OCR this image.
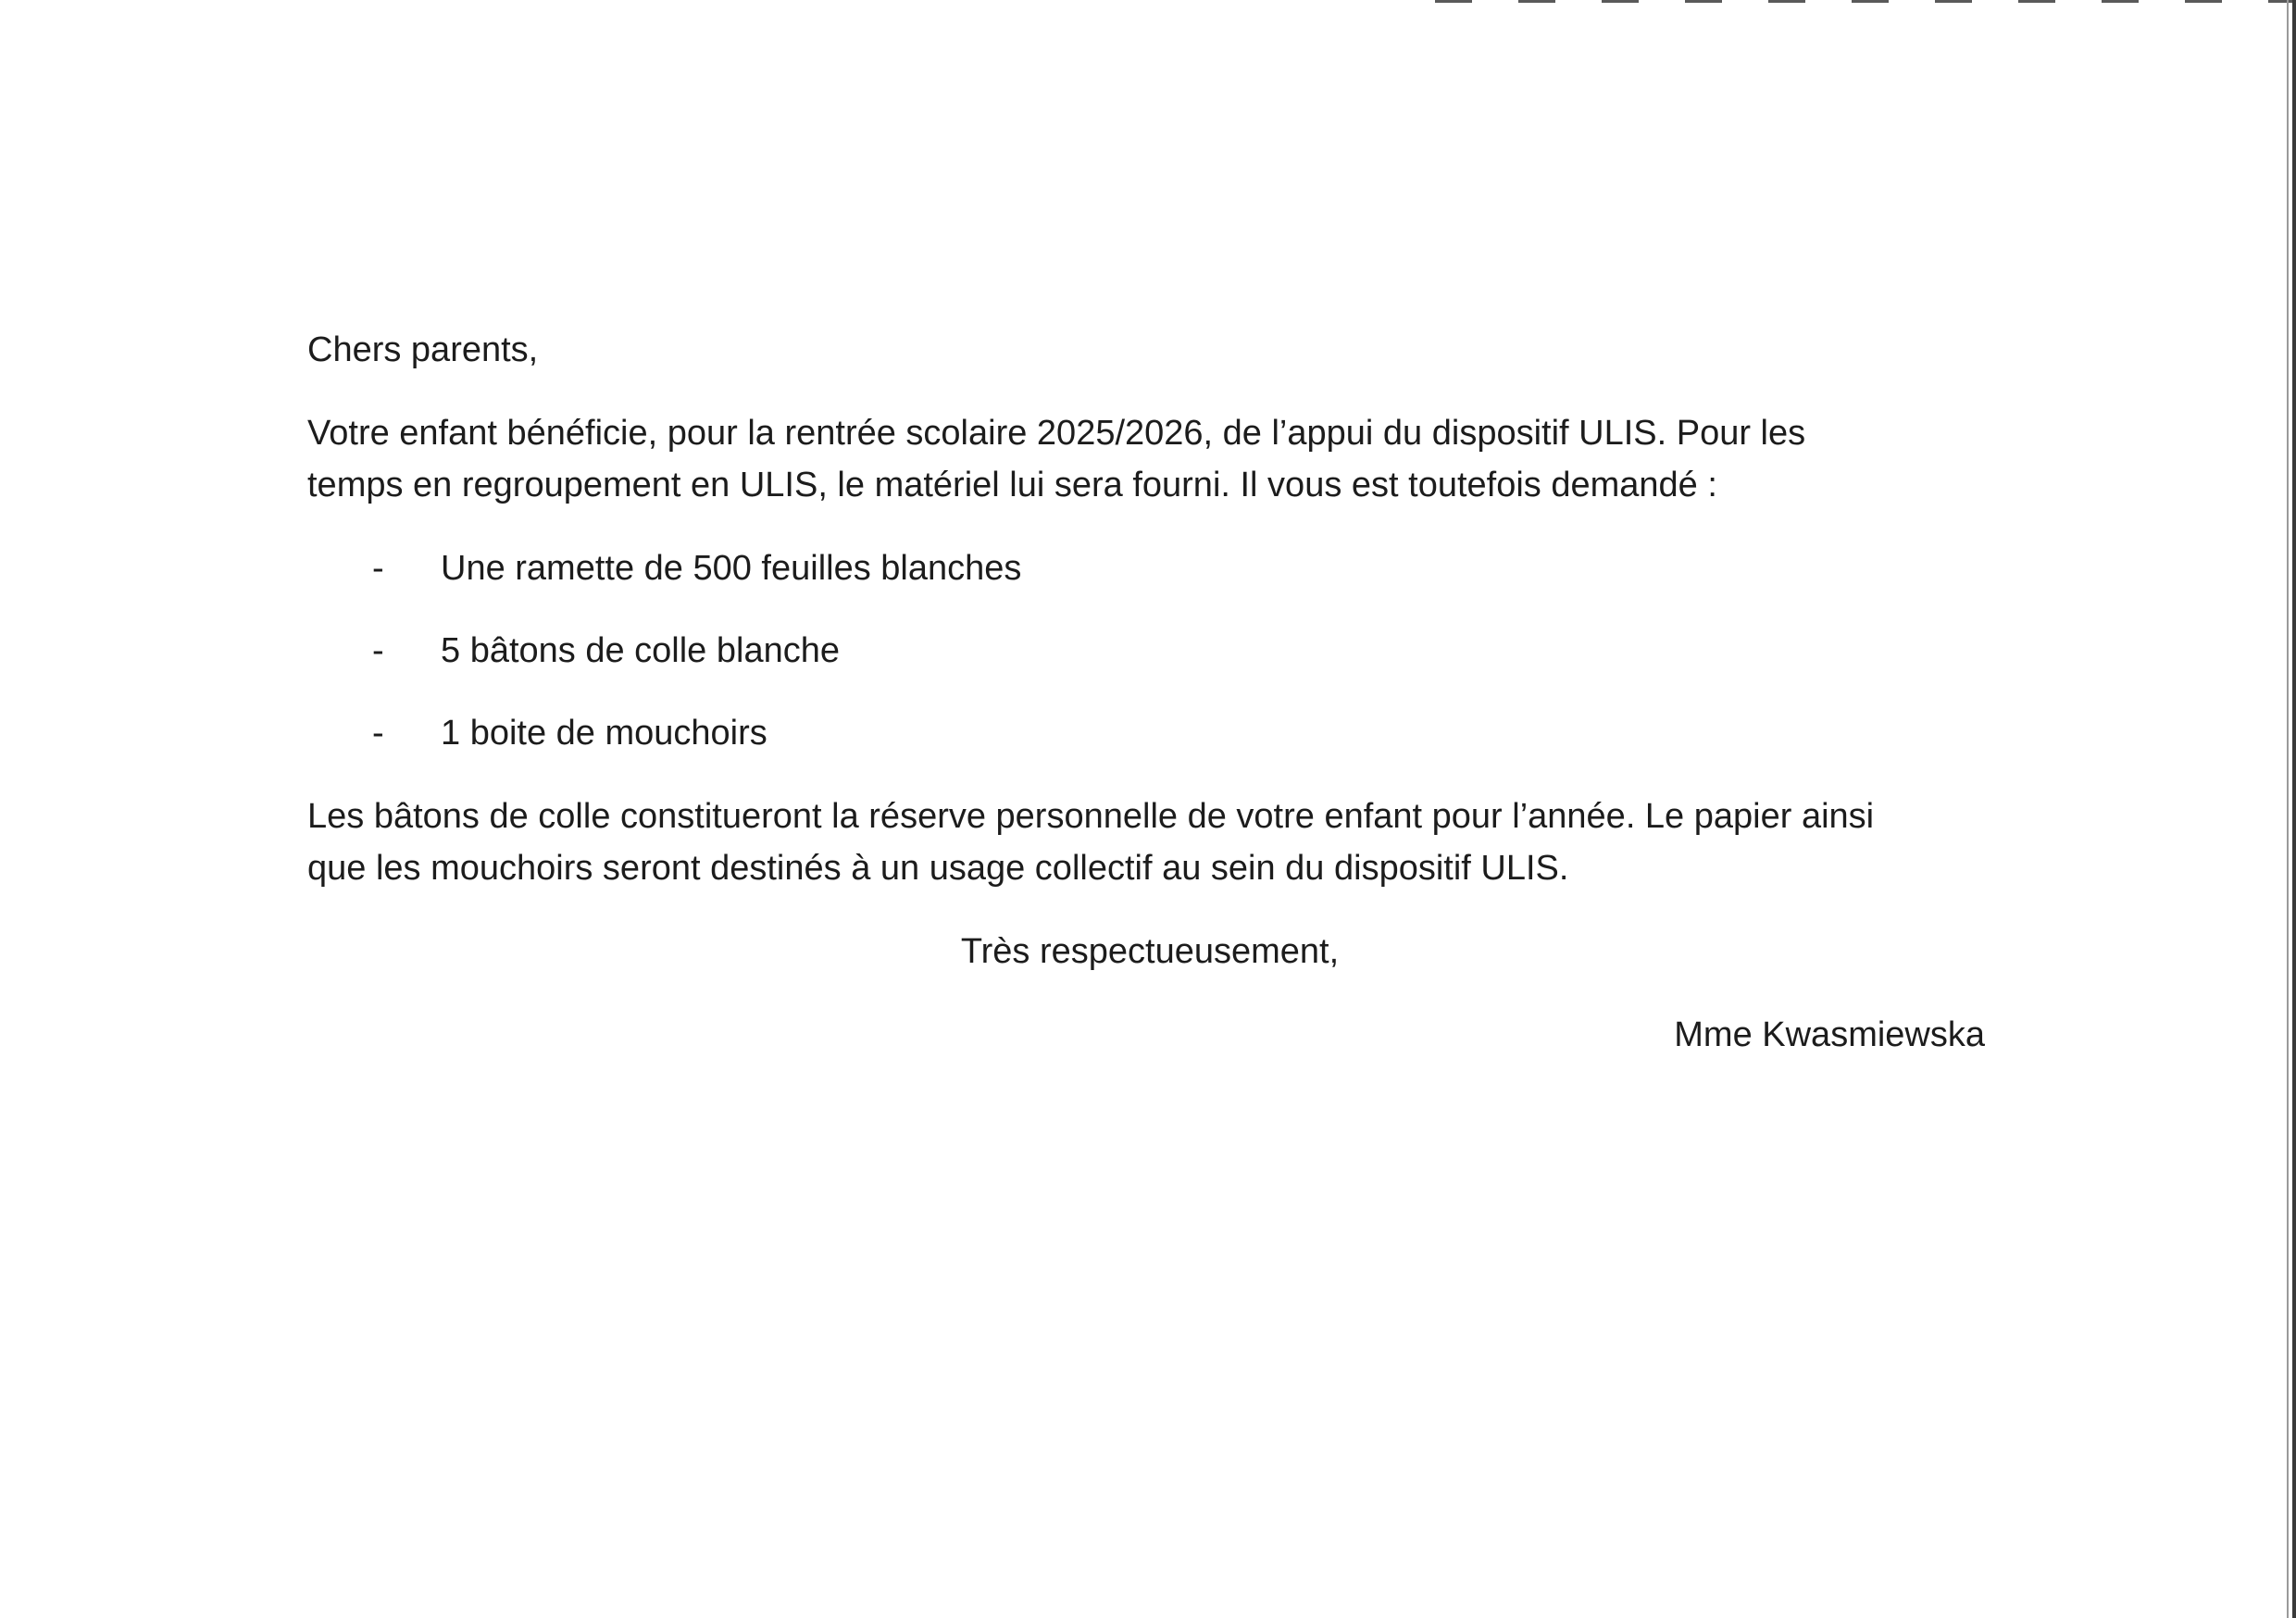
Chers parents,
Votre enfant bénéficie, pour la rentrée scolaire 2025/2026, de l’appui du dispositif ULIS. Pour les
temps en regroupement en ULIS, le matériel lui sera fourni. Il vous est toutefois demandé :
- Une ramette de 500 feuilles blanches
- 5 bâtons de colle blanche
- 1 boite de mouchoirs
Les bâtons de colle constitueront la réserve personnelle de votre enfant pour l’année. Le papier ainsi
que les mouchoirs seront destinés à un usage collectif au sein du dispositif ULIS.
Très respectueusement,
Mme Kwasmiewska
